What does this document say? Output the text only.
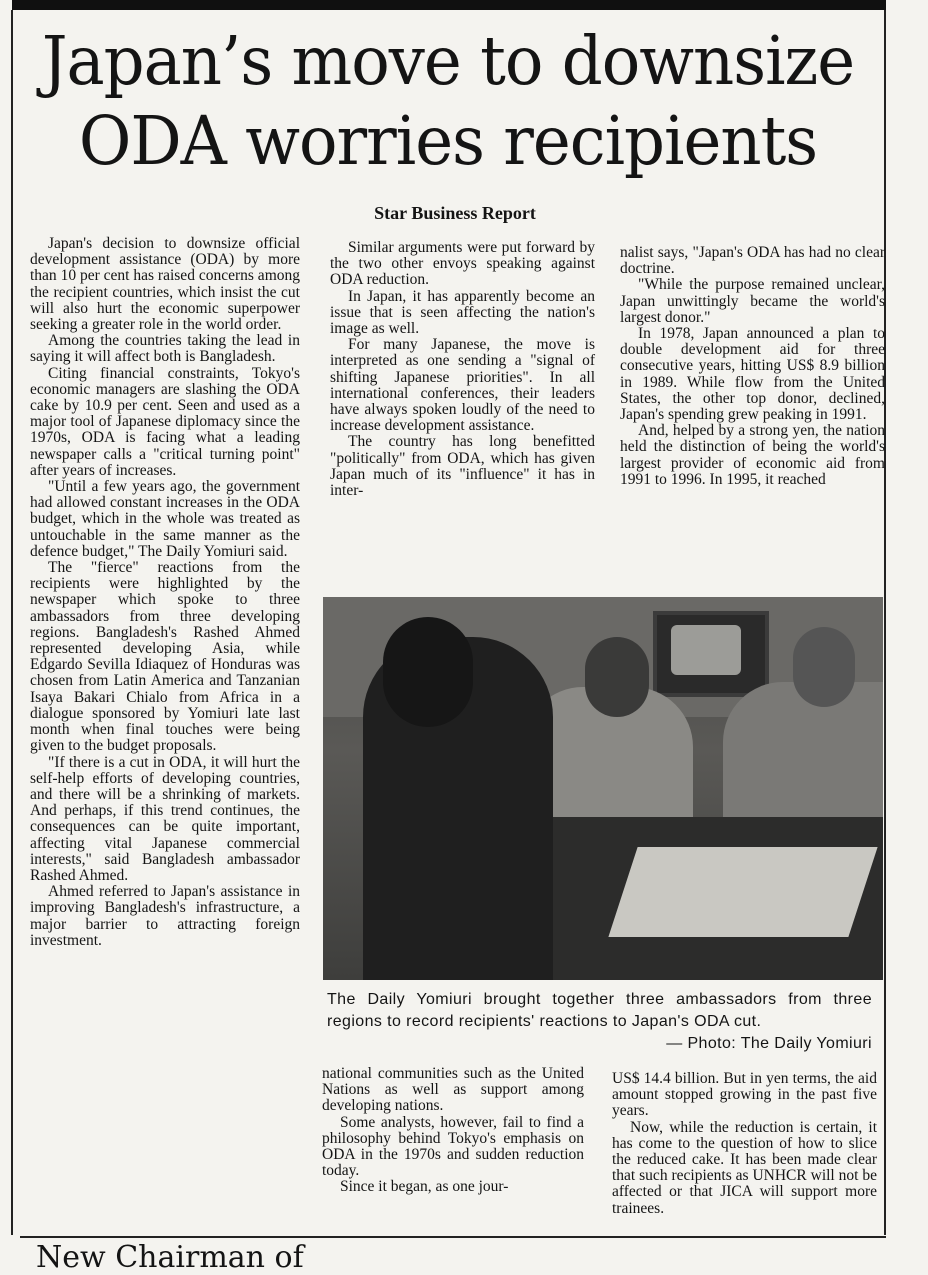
Japan’s move to downsize
ODA worries recipients
Star Business Report

Japan's decision to downsize official development assistance (ODA) by more than 10 per cent has raised concerns among the recipient countries, which insist the cut will also hurt the economic superpower seeking a greater role in the world order.

Among the countries taking the lead in saying it will affect both is Bangladesh.

Citing financial constraints, Tokyo's economic managers are slashing the ODA cake by 10.9 per cent. Seen and used as a major tool of Japanese diplomacy since the 1970s, ODA is facing what a leading newspaper calls a "critical turning point" after years of increases.

"Until a few years ago, the government had allowed constant increases in the ODA budget, which in the whole was treated as untouchable in the same manner as the defence budget," The Daily Yomiuri said.

The "fierce" reactions from the recipients were highlighted by the newspaper which spoke to three ambassadors from three developing regions. Bangladesh's Rashed Ahmed represented developing Asia, while Edgardo Sevilla Idiaquez of Honduras was chosen from Latin America and Tanzanian Isaya Bakari Chialo from Africa in a dialogue sponsored by Yomiuri late last month when final touches were being given to the budget proposals.

"If there is a cut in ODA, it will hurt the self-help efforts of developing countries, and there will be a shrinking of markets. And perhaps, if this trend continues, the consequences can be quite important, affecting vital Japanese commercial interests," said Bangladesh ambassador Rashed Ahmed.

Ahmed referred to Japan's assistance in improving Bangladesh's infrastructure, a major barrier to attracting foreign investment.

Similar arguments were put forward by the two other envoys speaking against ODA reduction.

In Japan, it has apparently become an issue that is seen affecting the nation's image as well.

For many Japanese, the move is interpreted as one sending a "signal of shifting Japanese priorities". In all international conferences, their leaders have always spoken loudly of the need to increase development assistance.

The country has long benefitted "politically" from ODA, which has given Japan much of its "influence" it has in inter-

nalist says, "Japan's ODA has had no clear doctrine.

"While the purpose remained unclear, Japan unwittingly became the world's largest donor."

In 1978, Japan announced a plan to double development aid for three consecutive years, hitting US$ 8.9 billion in 1989. While flow from the United States, the other top donor, declined, Japan's spending grew peaking in 1991.

And, helped by a strong yen, the nation held the distinction of being the world's largest provider of economic aid from 1991 to 1996. In 1995, it reached

The Daily Yomiuri brought together three ambassadors from three regions to record recipients' reactions to Japan's ODA cut.
— Photo: The Daily Yomiuri

national communities such as the United Nations as well as support among developing nations.

Some analysts, however, fail to find a philosophy behind Tokyo's emphasis on ODA in the 1970s and sudden reduction today.

Since it began, as one jour-

US$ 14.4 billion. But in yen terms, the aid amount stopped growing in the past five years.

Now, while the reduction is certain, it has come to the question of how to slice the reduced cake. It has been made clear that such recipients as UNHCR will not be affected or that JICA will support more trainees.

New Chairman of
